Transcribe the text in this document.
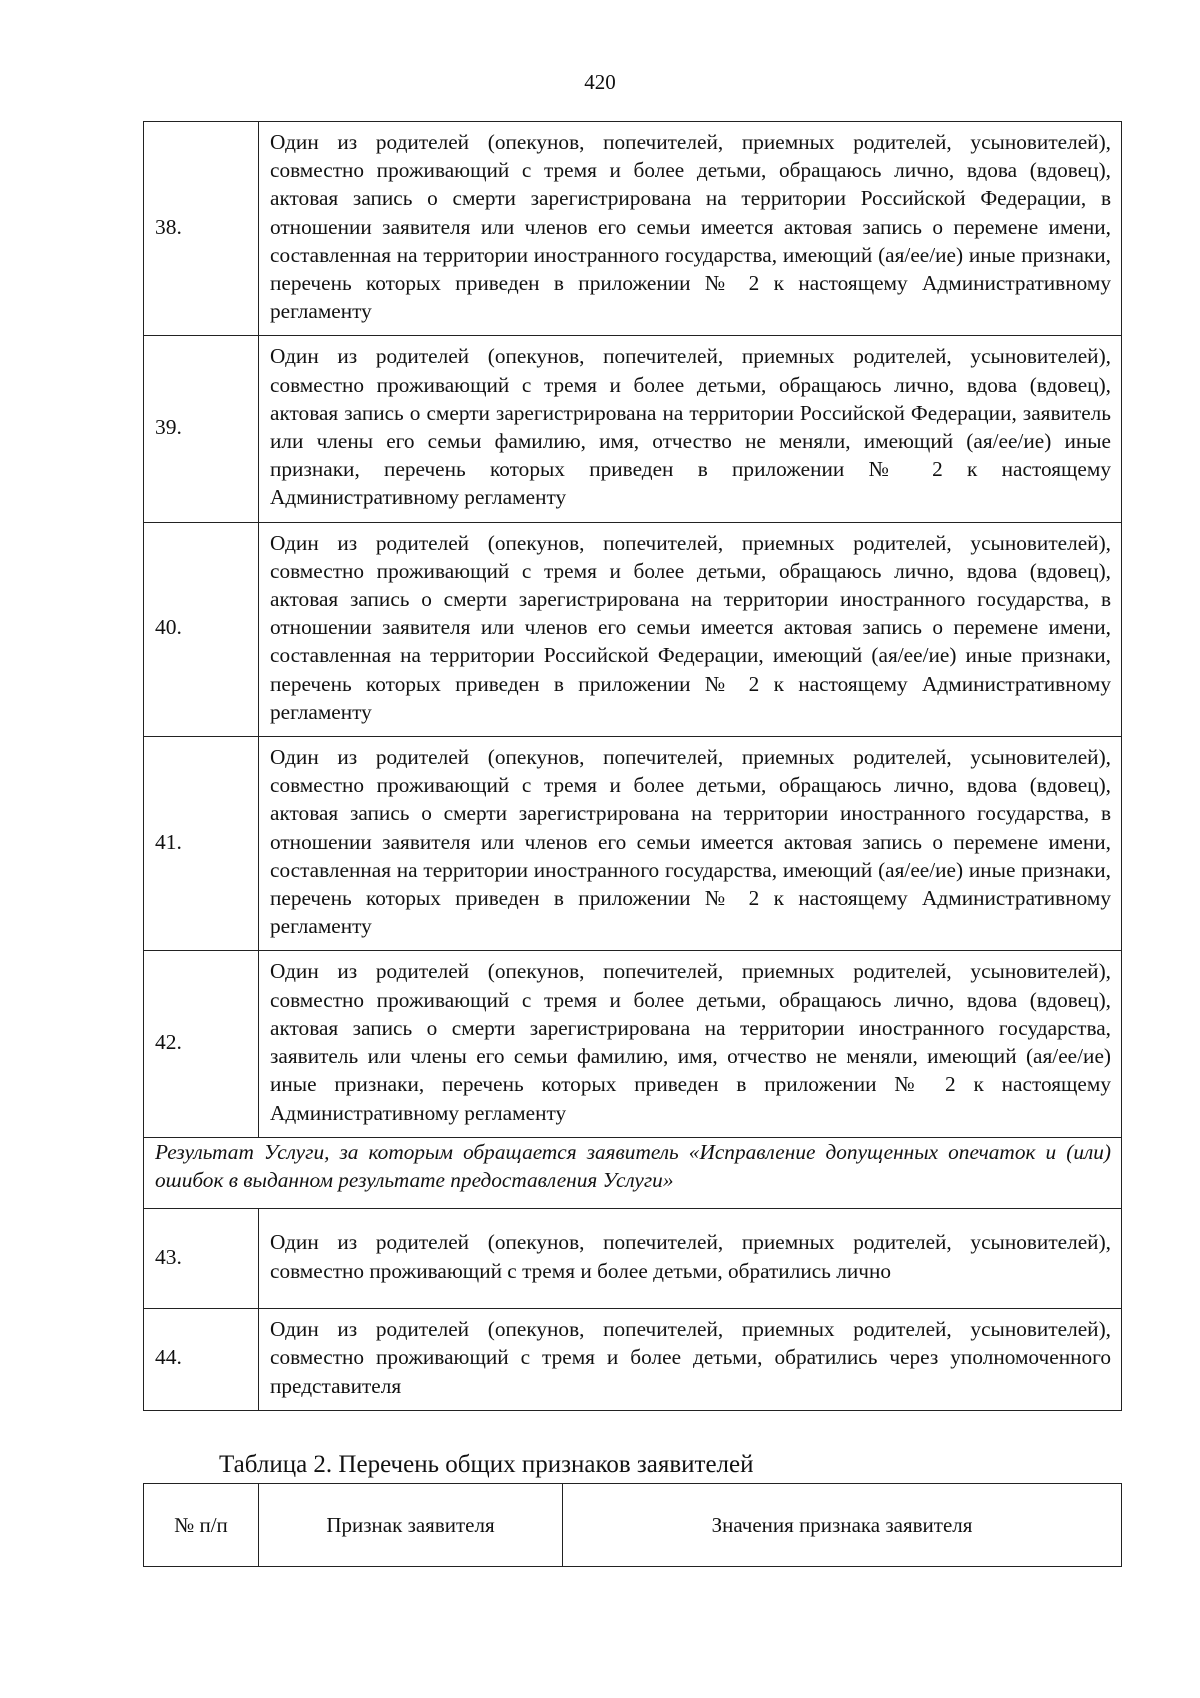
420
38.	Один из родителей (опекунов, попечителей, приемных родителей, усыновителей), совместно проживающий с тремя и более детьми, обращаюсь лично, вдова (вдовец), актовая запись о смерти зарегистрирована на территории Российской Федерации, в отношении заявителя или членов его семьи имеется актовая запись о перемене имени, составленная на территории иностранного государства, имеющий (ая/ее/ие) иные признаки, перечень которых приведен в приложении № 2 к настоящему Административному регламенту
39.	Один из родителей (опекунов, попечителей, приемных родителей, усыновителей), совместно проживающий с тремя и более детьми, обращаюсь лично, вдова (вдовец), актовая запись о смерти зарегистрирована на территории Российской Федерации, заявитель или члены его семьи фамилию, имя, отчество не меняли, имеющий (ая/ее/ие) иные признаки, перечень которых приведен в приложении № 2 к настоящему Административному регламенту
40.	Один из родителей (опекунов, попечителей, приемных родителей, усыновителей), совместно проживающий с тремя и более детьми, обращаюсь лично, вдова (вдовец), актовая запись о смерти зарегистрирована на территории иностранного государства, в отношении заявителя или членов его семьи имеется актовая запись о перемене имени, составленная на территории Российской Федерации, имеющий (ая/ее/ие) иные признаки, перечень которых приведен в приложении № 2 к настоящему Административному регламенту
41.	Один из родителей (опекунов, попечителей, приемных родителей, усыновителей), совместно проживающий с тремя и более детьми, обращаюсь лично, вдова (вдовец), актовая запись о смерти зарегистрирована на территории иностранного государства, в отношении заявителя или членов его семьи имеется актовая запись о перемене имени, составленная на территории иностранного государства, имеющий (ая/ее/ие) иные признаки, перечень которых приведен в приложении № 2 к настоящему Административному регламенту
42.	Один из родителей (опекунов, попечителей, приемных родителей, усыновителей), совместно проживающий с тремя и более детьми, обращаюсь лично, вдова (вдовец), актовая запись о смерти зарегистрирована на территории иностранного государства, заявитель или члены его семьи фамилию, имя, отчество не меняли, имеющий (ая/ее/ие) иные признаки, перечень которых приведен в приложении № 2 к настоящему Административному регламенту
Результат Услуги, за которым обращается заявитель «Исправление допущенных опечаток и (или) ошибок в выданном результате предоставления Услуги»	
43.	Один из родителей (опекунов, попечителей, приемных родителей, усыновителей), совместно проживающий с тремя и более детьми, обратились лично
44.	Один из родителей (опекунов, попечителей, приемных родителей, усыновителей), совместно проживающий с тремя и более детьми, обратились через уполномоченного представителя
Таблица 2. Перечень общих признаков заявителей
№ п/п	Признак заявителя	Значения признака заявителя
